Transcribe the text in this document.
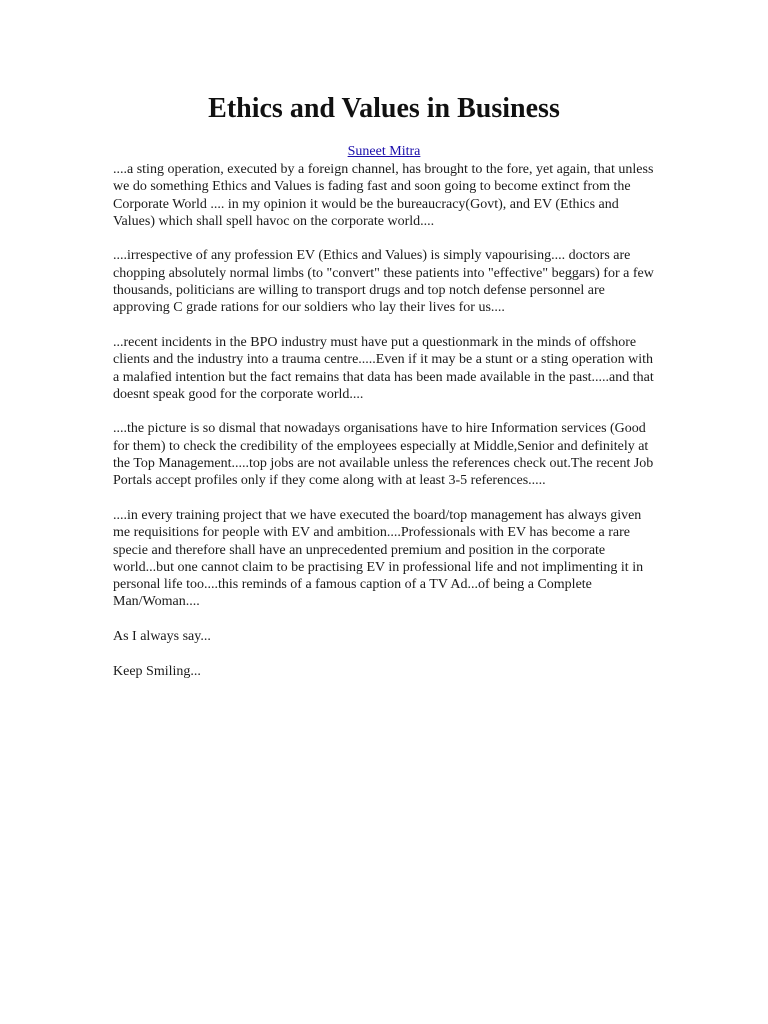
Ethics and Values in Business
Suneet Mitra

....a sting operation, executed by a foreign channel, has brought to the fore, yet again, that unless we do something Ethics and Values is fading fast and soon going to become extinct from the Corporate World .... in my opinion it would be the bureaucracy(Govt), and EV (Ethics and Values) which shall spell havoc on the corporate world....

....irrespective of any profession EV (Ethics and Values) is simply vapourising.... doctors are chopping absolutely normal limbs (to "convert" these patients into "effective" beggars) for a few thousands, politicians are willing to transport drugs and top notch defense personnel are approving C grade rations for our soldiers who lay their lives for us....

...recent incidents in the BPO industry must have put a questionmark in the minds of offshore clients and the industry into a trauma centre.....Even if it may be a stunt or a sting operation with a malafied intention but the fact remains that data has been made available in the past.....and that doesnt speak good for the corporate world....

....the picture is so dismal that nowadays organisations have to hire Information services (Good for them) to check the credibility of the employees especially at Middle,Senior and definitely at the Top Management.....top jobs are not available unless the references check out.The recent Job Portals accept profiles only if they come along with at least 3-5 references.....

....in every training project that we have executed the board/top management has always given me requisitions for people with EV and ambition....Professionals with EV has become a rare specie and therefore shall have an unprecedented premium and position in the corporate world...but one cannot claim to be practising EV in professional life and not implimenting it in personal life too....this reminds of a famous caption of a TV Ad...of being a Complete Man/Woman....

As I always say...

Keep Smiling...
